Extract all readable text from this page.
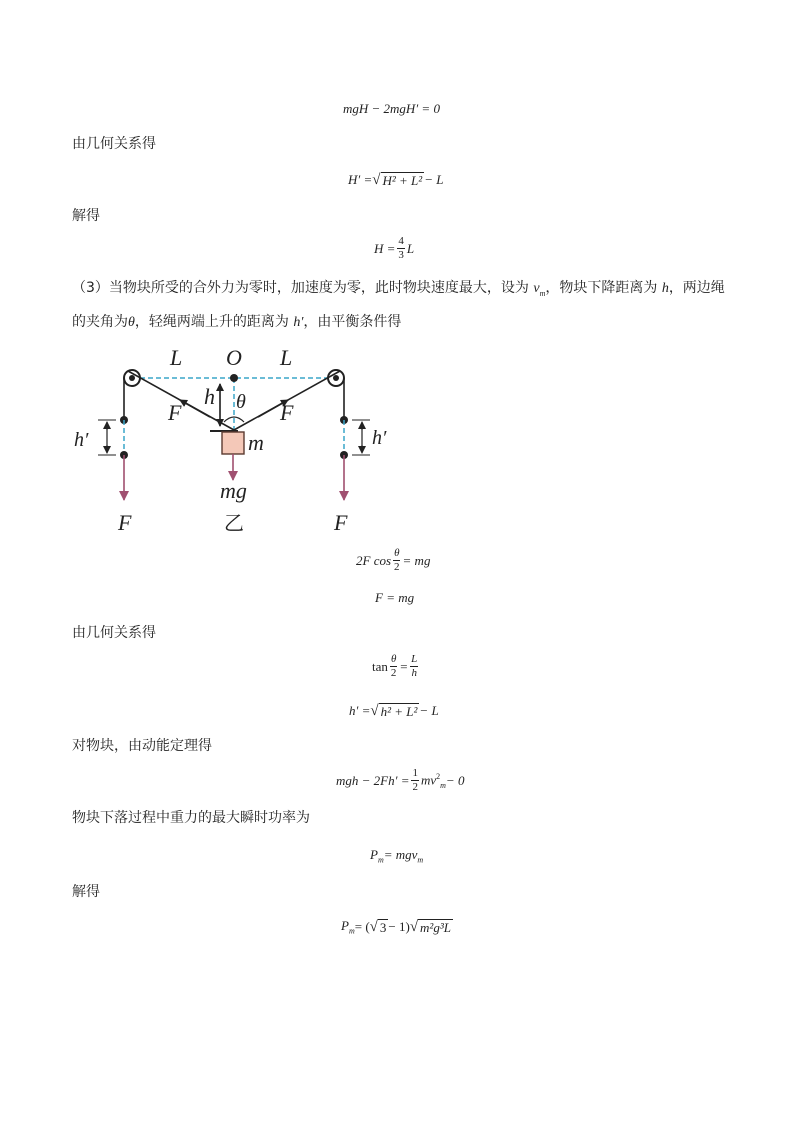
mgH − 2mgH′ = 0
由几何关系得
H′ = √ H² + L² − L
解得
$H = \frac{4}{3}$ L
（3）当物块所受的合外力为零时，加速度为零，此时物块速度最大，设为 $v_m$，物块下降距离为 h，两边绳
的夹角为θ，轻绳两端上升的距离为 h′，由平衡条件得
L O L
h θ
F	F
h′	h′
m
mg
F	F
乙
2F $\cos \frac{\theta}{2}$ = mg
F = mg
由几何关系得
$\tan \frac{\theta}{2} = \frac{L}{h}$
h′ = √ h² + L² − L
对物块，由动能定理得
mgh − $2Fh' = \frac{1}{2} mv^2_m - 0$
物块下落过程中重力的最大瞬时功率为
$P_m = mgv_m$
解得
$P_m$ = ( √ 3 − 1) √ m²g³L
